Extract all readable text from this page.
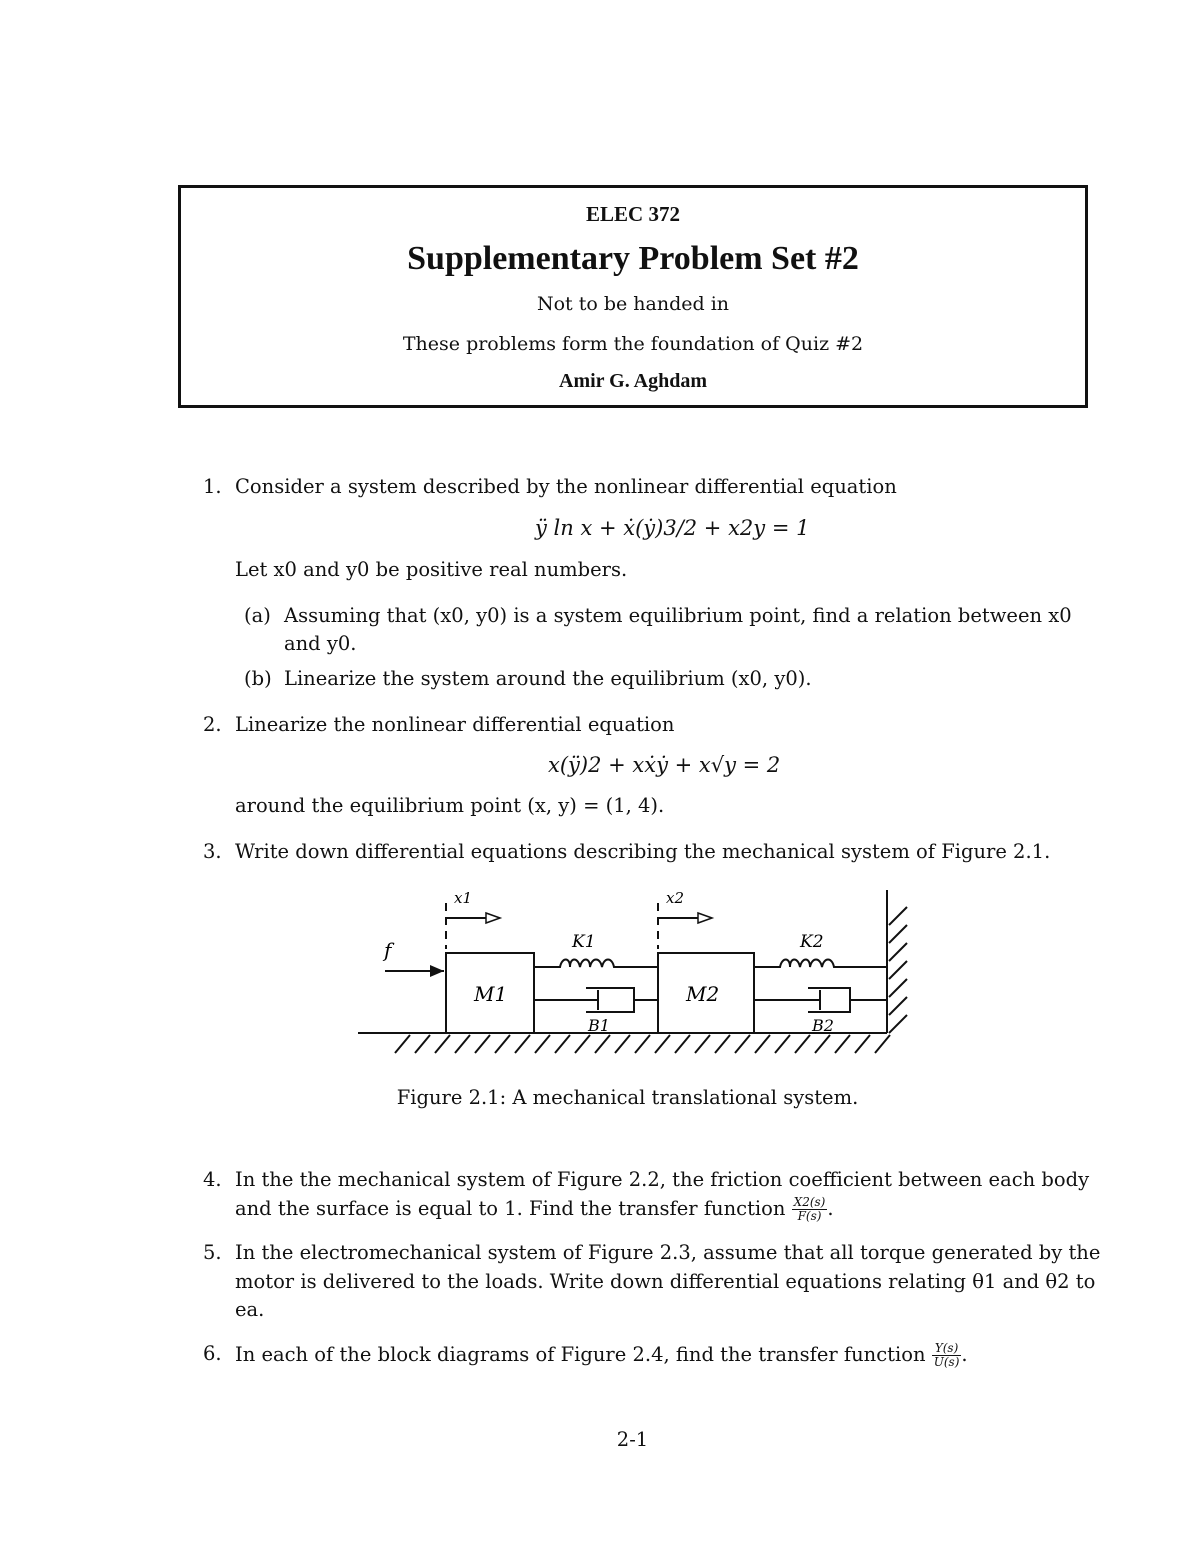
ELEC 372
Supplementary Problem Set #2
Not to be handed in
These problems form the foundation of Quiz #2
Amir G. Aghdam
1. Consider a system described by the nonlinear differential equation
ÿ ln x + ẋ(ẏ)3/2 + x2y = 1
Let x0 and y0 be positive real numbers.
(a) Assuming that (x0, y0) is a system equilibrium point, find a relation between x0
and y0.
(b) Linearize the system around the equilibrium (x0, y0).
2. Linearize the nonlinear differential equation
x(ÿ)2 + xẋẏ + x√y = 2
around the equilibrium point (x, y) = (1, 4).
3. Write down differential equations describing the mechanical system of Figure 2.1.
f
x1	x2
K1	K2
M1	M2
B1	B2
Figure 2.1: A mechanical translational system.
4. In the the mechanical system of Figure 2.2, the friction coefficient between each body
and the surface is equal to 1. Find the transfer function $\frac{X2(s)}{F(s)}$ .
5. In the electromechanical system of Figure 2.3, assume that all torque generated by the
motor is delivered to the loads. Write down differential equations relating θ1 and θ2 to
ea.
6. In each of the block diagrams of Figure 2.4, find the transfer function $\frac{Y(s)}{U(s)}$ .
2-1
